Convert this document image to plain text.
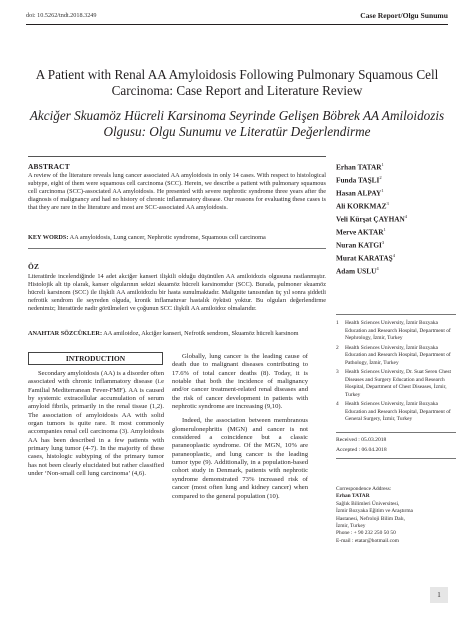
doi: 10.5262/tndt.2018.3249	Case Report/Olgu Sunumu
A Patient with Renal AA Amyloidosis Following Pulmonary Squamous Cell Carcinoma: Case Report and Literature Review
Akciğer Skuamöz Hücreli Karsinoma Seyrinde Gelişen Böbrek AA Amiloidozis Olgusu: Olgu Sunumu ve Literatür Değerlendirme
ABSTRACT
A review of the literature reveals lung cancer associated AA amyloidosis in only 14 cases. With respect to histological subtype, eight of them were squamous cell carcinoma (SCC). Herein, we describe a patient with pulmonary squamous cell carcinoma (SCC)-associated AA amyloidosis. He presented with severe nephrotic syndrome three years after the diagnosis of malignancy and had no history of chronic inflammatory disease. Our reasons for evaluating these cases is that they are rare in the literature and most are SCC-associated AA amyloidosis.
KEY WORDS: AA amyloidosis, Lung cancer, Nephrotic syndrome, Squamous cell carcinoma
ÖZ
Literatürde incelendiğinde 14 adet akciğer kanseri ilişkili olduğu düşünülen AA amiloidozis olgusuna rastlanmıştır. Histolojik alt tip olarak, kanser olgularının sekizi skuamöz hücreli karsinomdur (SCC). Burada, pulmoner skuamöz hücreli karsinom (SCC) ile ilişkili AA amiloidozlu bir hasta sunulmaktadır. Malignite tanısından üç yıl sonra şiddetli nefrotik sendrom ile seyreden olguda, kronik inflamatuvar hastalık öyküsü yoktur. Bu olguları değerlendirme nedenimiz; literatürde nadir görülmeleri ve çoğunun SCC ilişkili AA amiloidoz olmalarıdır.
ANAHTAR SÖZCÜKLER: AA amiloidoz, Akciğer kanseri, Nefrotik sendrom, Skuamöz hücreli karsinom
Erhan TATAR$^1$
Funda TAŞLI$^2$
Hasan ALPAY$^1$
Ali KORKMAZ$^3$
Veli Kürşat ÇAYHAN$^4$
Merve AKTAR$^1$
Nuran KATGI$^3$
Murat KARATAŞ$^4$
Adam USLU$^4$
1 Health Sciences University, İzmir Bozyaka Education and Research Hospital, Department of Nephrology, İzmir, Turkey
2 Health Sciences University, İzmir Bozyaka Education and Research Hospital, Department of Pathology, İzmir, Turkey
3 Health Sciences University, Dr. Suat Seren Chest Diseases and Surgery Education and Research Hospital, Department of Chest Diseases, İzmir, Turkey
4 Health Sciences University, İzmir Bozyaka Education and Research Hospital, Department of General Surgery, İzmir, Turkey
Received : 05.03.2018
Accepted : 06.04.2018
Correspondence Address:
Erhan TATAR
Sağlık Bilimleri Üniversitesi,
İzmir Bozyaka Eğitim ve Araştırma
Hastanesi, Nefroloji Bilim Dalı,
İzmir, Turkey
Phone : + 90 232 250 50 50
E-mail : etatar@hotmail.com
INTRODUCTION

Secondary amyloidosis (AA) is a disorder often associated with chronic inflammatory disease (i.e Familial Mediterranean Fever-FMF). AA is caused by systemic extracellular accumulation of serum amyloid fibrils, primarily in the renal tissue (1,2). The association of amyloidosis AA with solid organ tumors is quite rare. It most commonly accompanies renal cell carcinoma (3). Amyloidosis AA has been described in a few patients with primary lung tumor (4-7). In the majority of these cases, histologic subtyping of the primary tumor has not been clearly elucidated but rather classified under ‘Non-small cell lung carcinoma’ (4,6).

Globally, lung cancer is the leading cause of death due to malignant diseases contributing to 17.6% of total cancer deaths (8). Today, it is notable that both the incidence of malignancy and/or cancer treatment-related renal diseases and the risk of cancer development in patients with nephrotic syndrome are increasing (9,10).

Indeed, the association between membranous glomerulonephritis (MGN) and cancer is not considered a coincidence but a classic paraneoplastic syndrome. Of the MGN, 10% are paraneoplastic, and lung cancer is the leading tumor type (9). Additionally, in a population-based cohort study in Denmark, patients with nephrotic syndrome demonstrated 73% increased risk of cancer (most often lung and kidney cancer) when compared to the general population (10).

1
